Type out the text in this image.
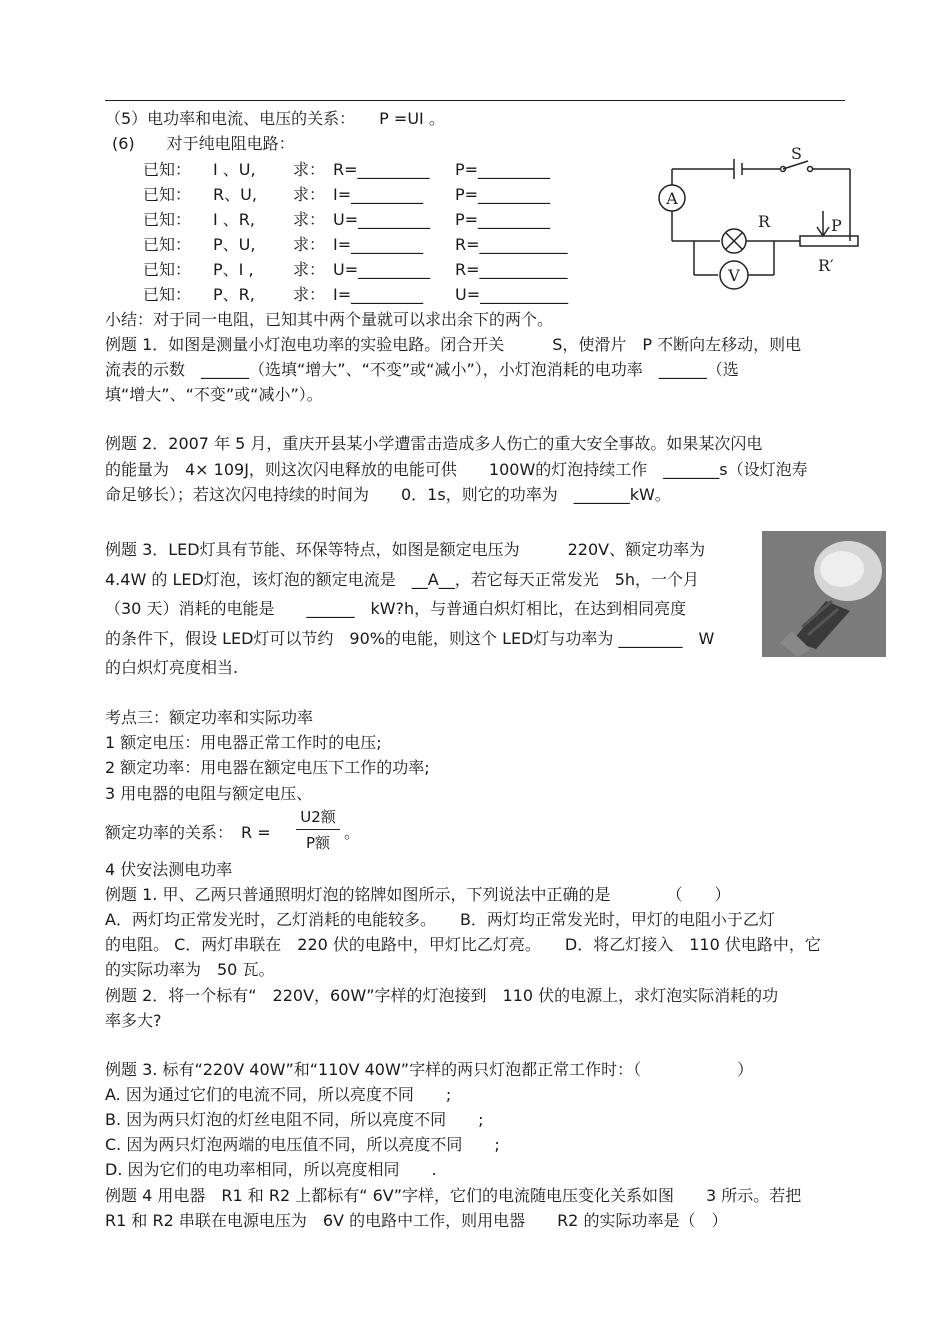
（5）电功率和电流、电压的关系：　　P =UI 。
(6)　　对于纯电阻电路：
已知： I 、U, 求： R=_________ P=_________
已知： R、U, 求： I=_________ P=_________
已知： I 、R, 求： U=_________ P=_________
已知： P、U, 求： I=_________ R=___________
已知： P、I , 求： U=_________ R=___________
已知： P、R, 求： I=_________ U=___________
A
V
S
R	P
R′
小结：对于同一电阻，已知其中两个量就可以求出余下的两个。
例题 1．如图是测量小灯泡电功率的实验电路。闭合开关　　　S，使滑片　P 不断向左移动，则电
流表的示数　______（选填“增大”、“不变”或“减小”），小灯泡消耗的电功率　______（选
填“增大”、“不变”或“减小”）。
例题 2．2007 年 5 月，重庆开县某小学遭雷击造成多人伤亡的重大安全事故。如果某次闪电
的能量为　4× 109J，则这次闪电释放的电能可供　　100W的灯泡持续工作　_______s（设灯泡寿
命足够长）；若这次闪电持续的时间为　　0．1s，则它的功率为　_______kW。
例题 3．LED灯具有节能、环保等特点，如图是额定电压为　　　220V、额定功率为
4.4W 的 LED灯泡，该灯泡的额定电流是　__A__，若它每天正常发光　5h，一个月
（30 天）消耗的电能是　　______　kW?h，与普通白炽灯相比，在达到相同亮度
的条件下，假设 LED灯可以节约　90%的电能，则这个 LED灯与功率为 ________　W
的白炽灯亮度相当.
考点三：额定功率和实际功率
1 额定电压：用电器正常工作时的电压;
2 额定功率：用电器在额定电压下工作的功率;
3 用电器的电阻与额定电压、
额定功率的关系：　R =
U2额
P额
。
4 伏安法测电功率
例题 1. 甲、乙两只普通照明灯泡的铭牌如图所示，下列说法中正确的是　　　　（　　）
A．两灯均正常发光时，乙灯消耗的电能较多。　　B．两灯均正常发光时，甲灯的电阻小于乙灯
的电阻。 C．两灯串联在　220 伏的电路中，甲灯比乙灯亮。　　D．将乙灯接入　110 伏电路中，它
的实际功率为　50 瓦。
例题 2．将一个标有“　220V，60W”字样的灯泡接到　110 伏的电源上，求灯泡实际消耗的功
率多大?
例题 3. 标有“220V 40W”和“110V 40W”字样的两只灯泡都正常工作时：（　　　　　　）
A. 因为通过它们的电流不同，所以亮度不同　　;
B. 因为两只灯泡的灯丝电阻不同，所以亮度不同　　;
C. 因为两只灯泡两端的电压值不同，所以亮度不同　　;
D. 因为它们的电功率相同，所以亮度相同　　.
例题 4 用电器　R1 和 R2 上都标有“ 6V”字样，它们的电流随电压变化关系如图　　3 所示。若把
R1 和 R2 串联在电源电压为　6V 的电路中工作，则用电器　　R2 的实际功率是（　）
